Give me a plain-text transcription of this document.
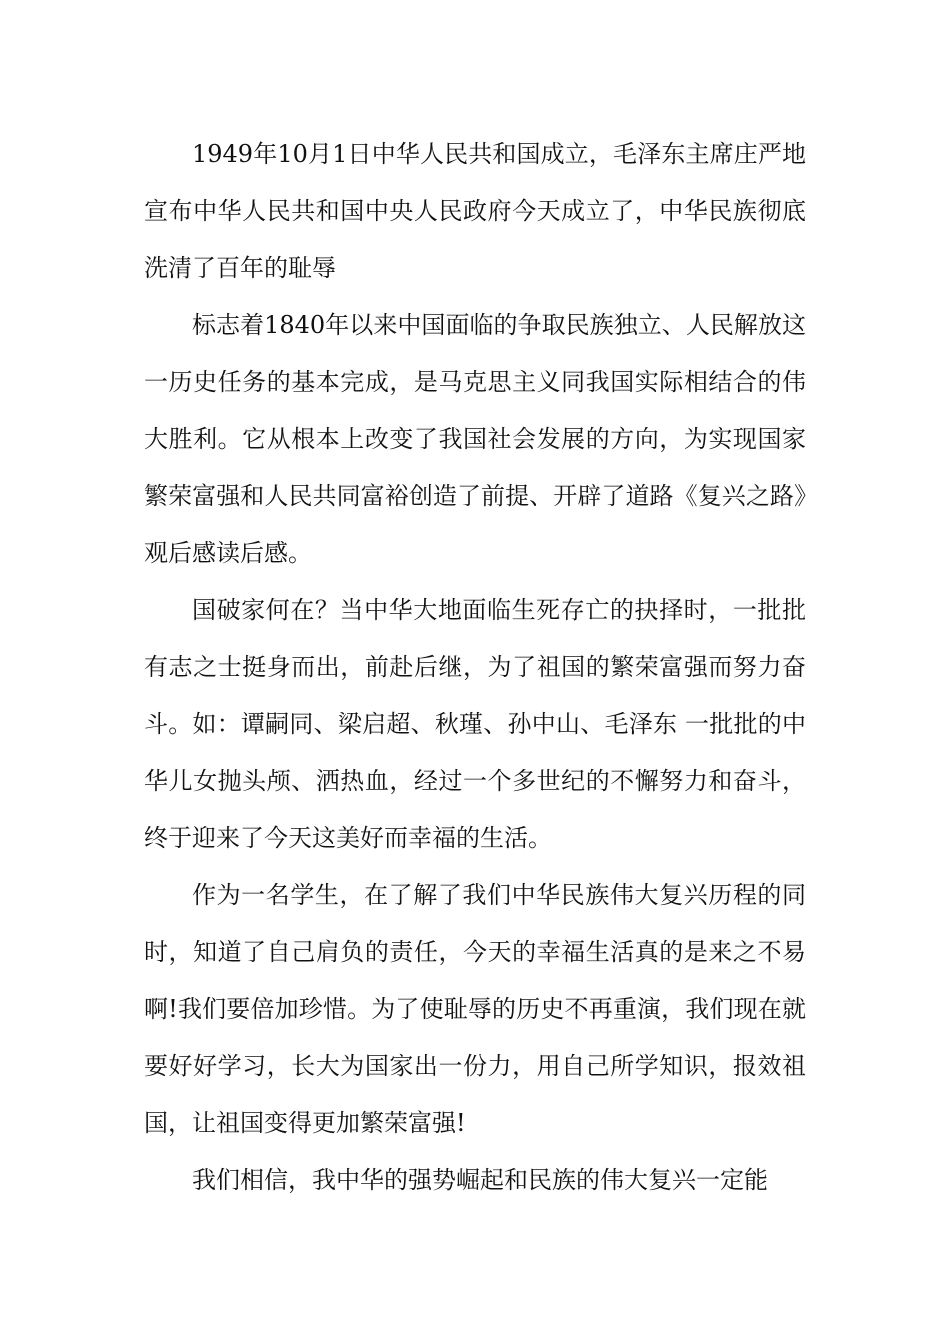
1949年10月1日中华人民共和国成立，毛泽东主席庄严地宣布中华人民共和国中央人民政府今天成立了，中华民族彻底洗清了百年的耻辱

标志着1840年以来中国面临的争取民族独立、人民解放这一历史任务的基本完成，是马克思主义同我国实际相结合的伟大胜利。它从根本上改变了我国社会发展的方向，为实现国家繁荣富强和人民共同富裕创造了前提、开辟了道路《复兴之路》观后感读后感。

国破家何在？当中华大地面临生死存亡的抉择时，一批批有志之士挺身而出，前赴后继，为了祖国的繁荣富强而努力奋斗。如：谭嗣同、梁启超、秋瑾、孙中山、毛泽东 一批批的中华儿女抛头颅、洒热血，经过一个多世纪的不懈努力和奋斗，终于迎来了今天这美好而幸福的生活。

作为一名学生，在了解了我们中华民族伟大复兴历程的同时，知道了自己肩负的责任，今天的幸福生活真的是来之不易啊!我们要倍加珍惜。为了使耻辱的历史不再重演，我们现在就要好好学习，长大为国家出一份力，用自己所学知识，报效祖国，让祖国变得更加繁荣富强!

我们相信，我中华的强势崛起和民族的伟大复兴一定能
